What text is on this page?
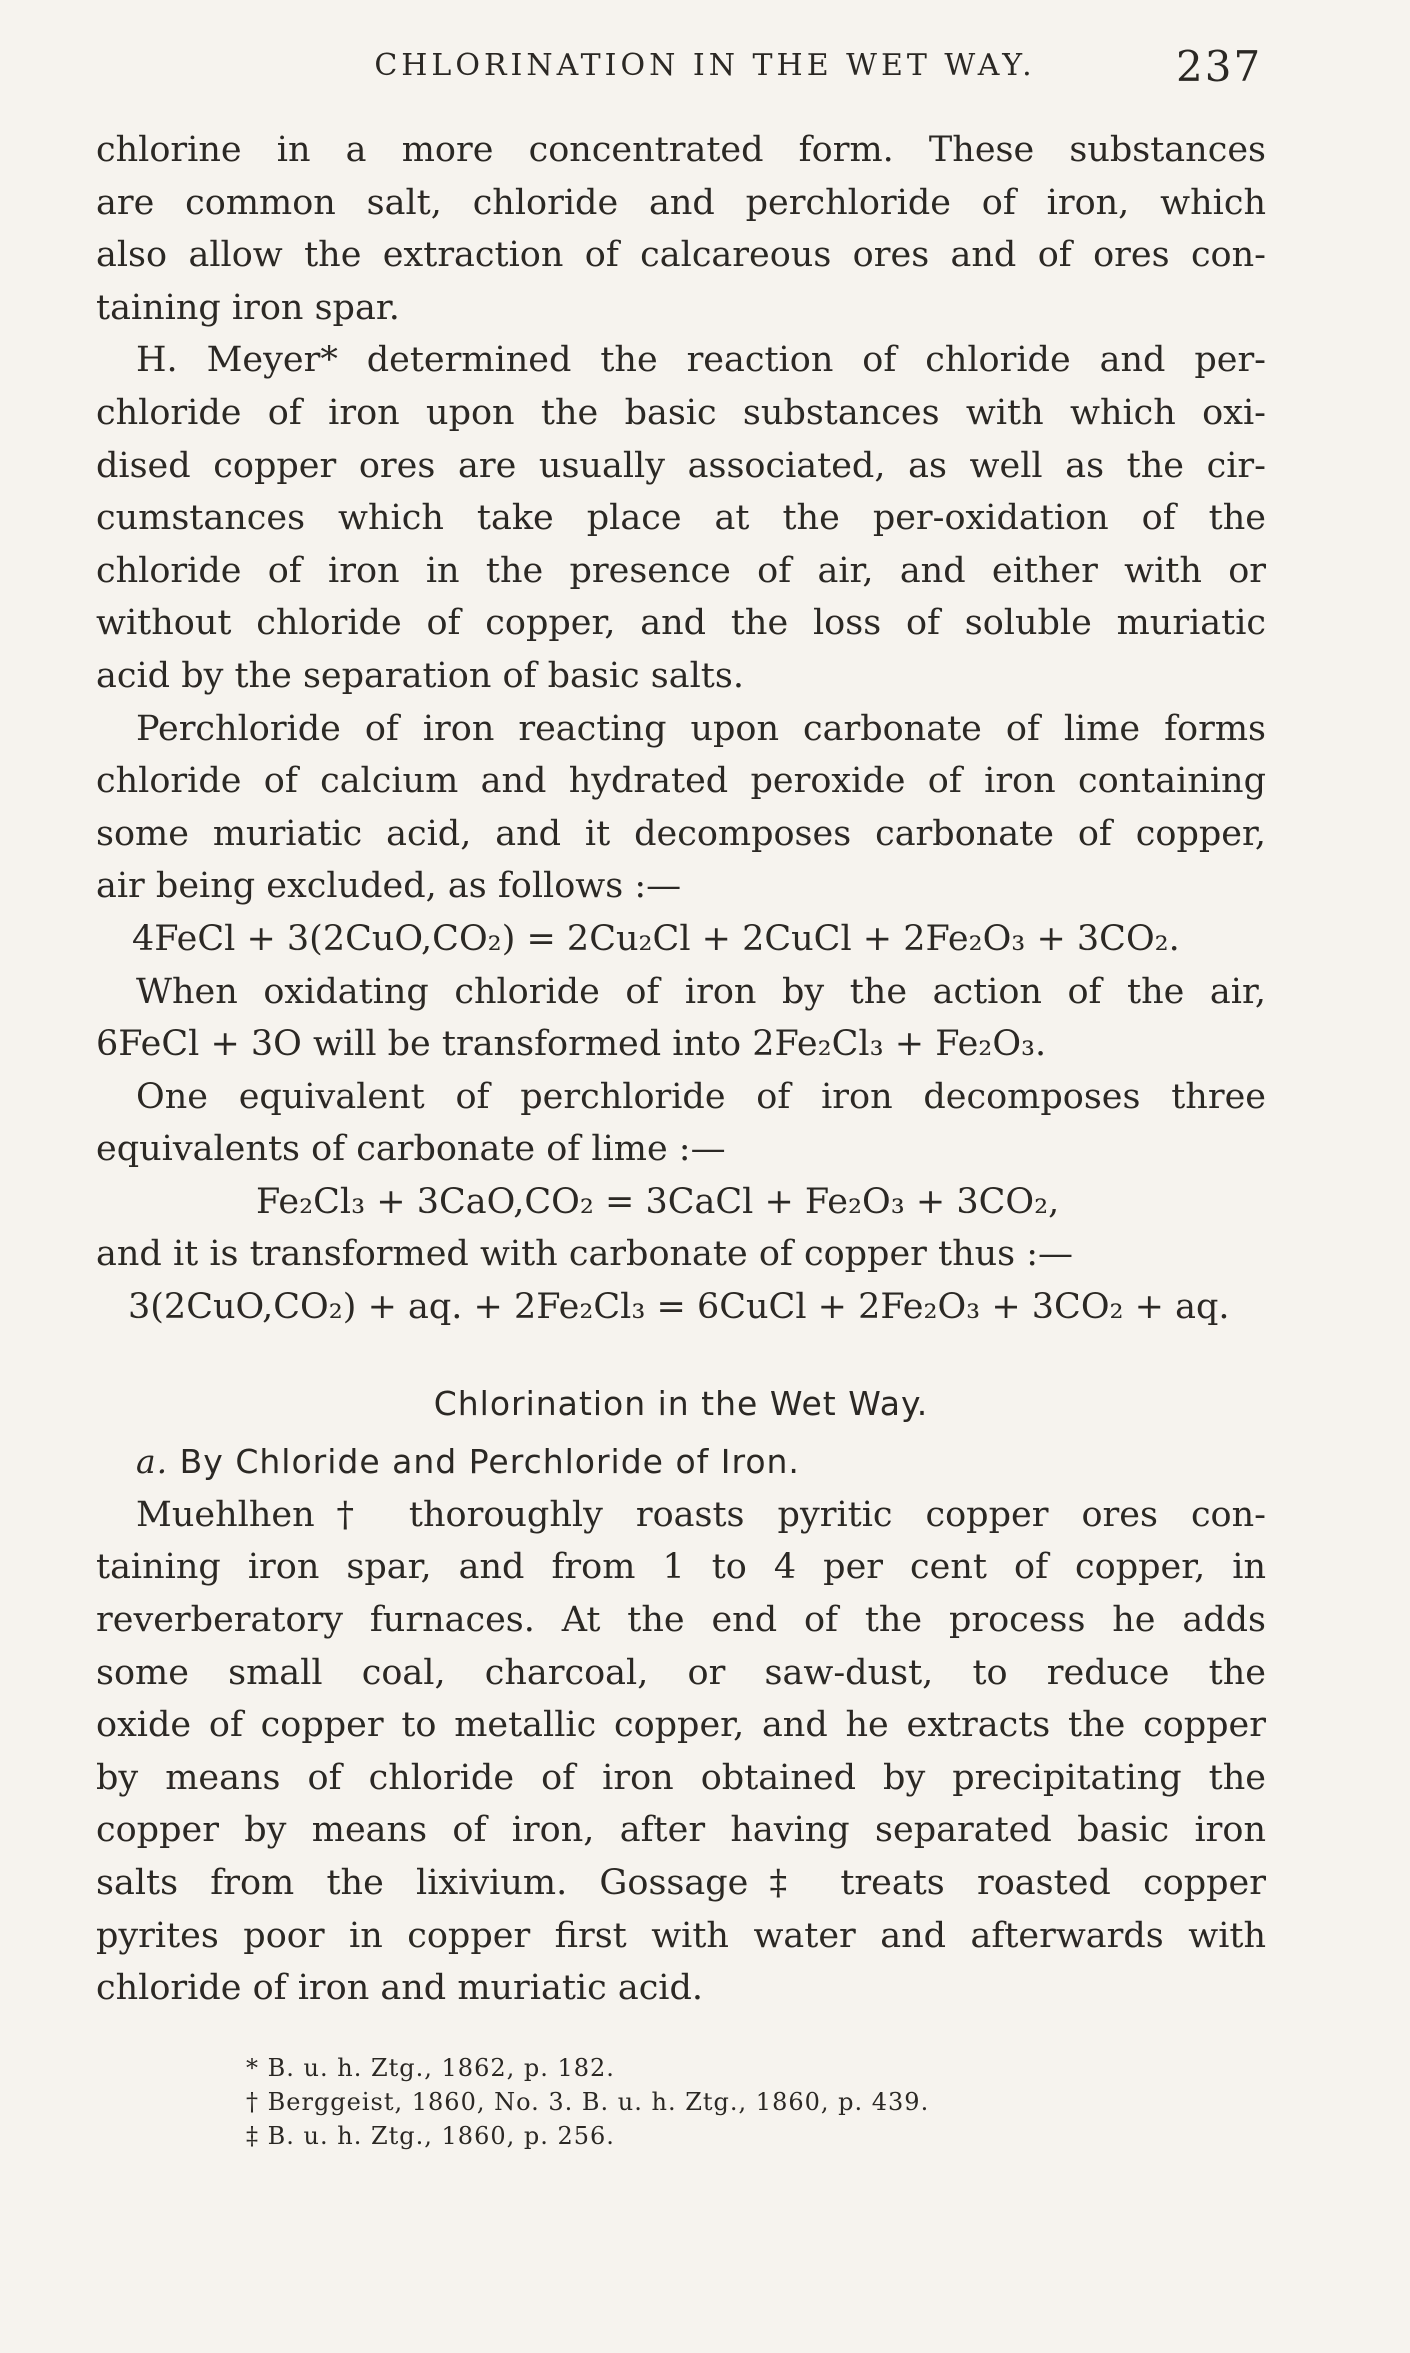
CHLORINATION IN THE WET WAY.	237
chlorine in a more concentrated form. These substances
are common salt, chloride and perchloride of iron, which
also allow the extraction of calcareous ores and of ores con-
taining iron spar.
H. Meyer* determined the reaction of chloride and per-
chloride of iron upon the basic substances with which oxi-
dised copper ores are usually associated, as well as the cir-
cumstances which take place at the per-oxidation of the
chloride of iron in the presence of air, and either with or
without chloride of copper, and the loss of soluble muriatic
acid by the separation of basic salts.
Perchloride of iron reacting upon carbonate of lime forms
chloride of calcium and hydrated peroxide of iron containing
some muriatic acid, and it decomposes carbonate of copper,
air being excluded, as follows :—
4FeCl + 3(2CuO,CO₂) = 2Cu₂Cl + 2CuCl + 2Fe₂O₃ + 3CO₂.
When oxidating chloride of iron by the action of the air,
6FeCl + 3O will be transformed into 2Fe₂Cl₃ + Fe₂O₃.
One equivalent of perchloride of iron decomposes three
equivalents of carbonate of lime :—
Fe₂Cl₃ + 3CaO,CO₂ = 3CaCl + Fe₂O₃ + 3CO₂,
and it is transformed with carbonate of copper thus :—
3(2CuO,CO₂) + aq. + 2Fe₂Cl₃ = 6CuCl + 2Fe₂O₃ + 3CO₂ + aq.
Chlorination in the Wet Way.
a. By Chloride and Perchloride of Iron.
Muehlhen† thoroughly roasts pyritic copper ores con-
taining iron spar, and from 1 to 4 per cent of copper, in
reverberatory furnaces. At the end of the process he adds
some small coal, charcoal, or saw-dust, to reduce the
oxide of copper to metallic copper, and he extracts the copper
by means of chloride of iron obtained by precipitating the
copper by means of iron, after having separated basic iron
salts from the lixivium. Gossage‡ treats roasted copper
pyrites poor in copper first with water and afterwards with
chloride of iron and muriatic acid.
* B. u. h. Ztg., 1862, p. 182.
† Berggeist, 1860, No. 3. B. u. h. Ztg., 1860, p. 439.
‡ B. u. h. Ztg., 1860, p. 256.
